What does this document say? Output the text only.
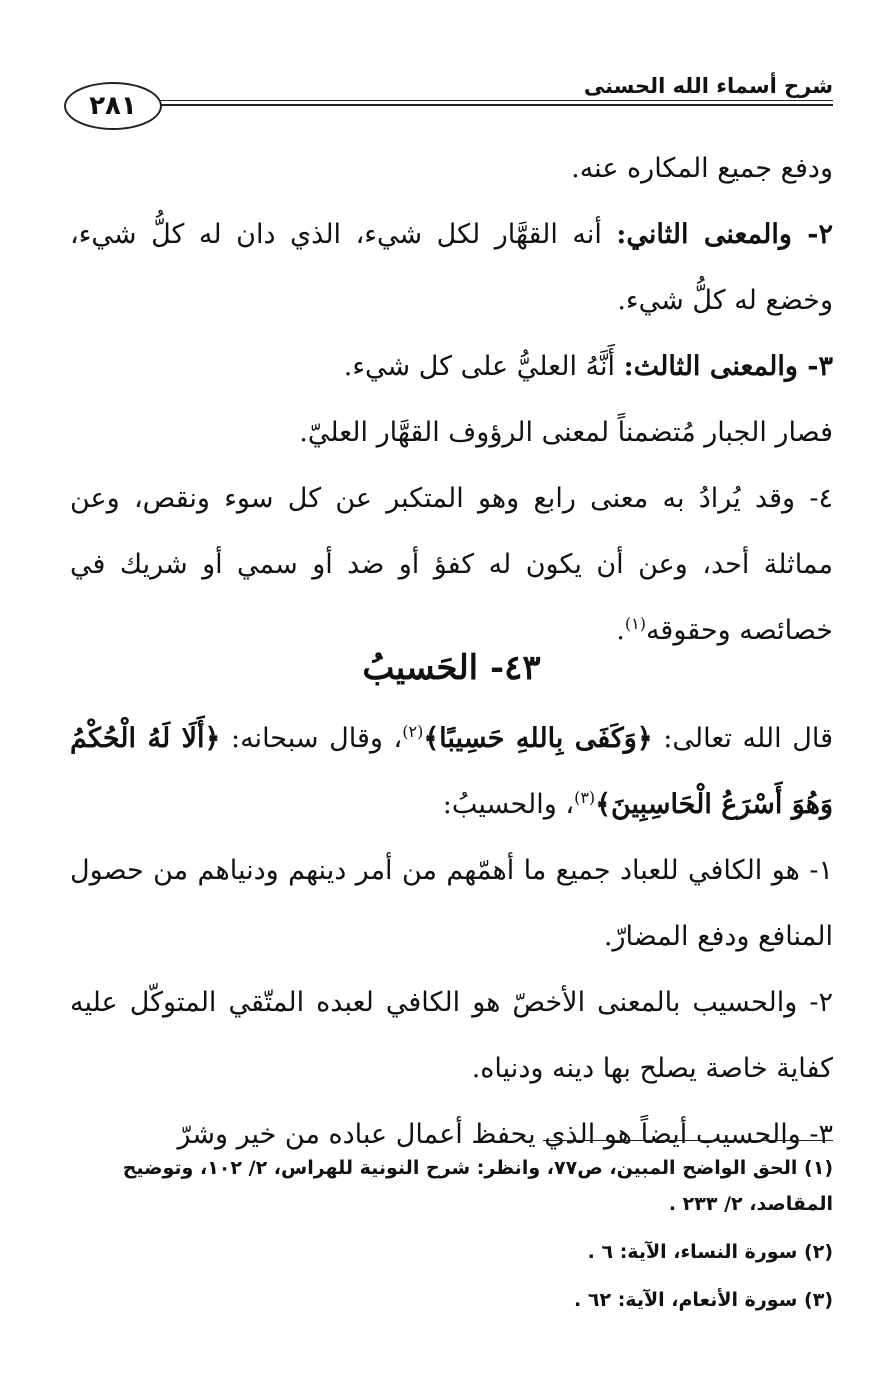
شرح أسماء الله الحسنى
٢٨١

ودفع جميع المكاره عنه.

٢- والمعنى الثاني: أنه القهَّار لكل شيء، الذي دان له كلُّ شيء، وخضع له كلُّ شيء.

٣- والمعنى الثالث: أَنَّهُ العليُّ على كل شيء.

فصار الجبار مُتضمناً لمعنى الرؤوف القهَّار العليّ.

٤- وقد يُرادُ به معنى رابع وهو المتكبر عن كل سوء ونقص، وعن مماثلة أحد، وعن أن يكون له كفؤ أو ضد أو سمي أو شريك في خصائصه وحقوقه$^{(١)}$.

٤٣- الحَسيبُ

قال الله تعالى: ﴿وَكَفَى بِاللهِ حَسِيبًا﴾$^{(٢)}$، وقال سبحانه: ﴿أَلَا لَهُ الْحُكْمُ وَهُوَ أَسْرَعُ الْحَاسِبِينَ﴾$^{(٣)}$، والحسيبُ:

١- هو الكافي للعباد جميع ما أهمّهم من أمر دينهم ودنياهم من حصول المنافع ودفع المضارّ.

٢- والحسيب بالمعنى الأخصّ هو الكافي لعبده المتّقي المتوكّل عليه كفاية خاصة يصلح بها دينه ودنياه.

٣- والحسيب أيضاً هو الذي يحفظ أعمال عباده من خير وشرّ

(١) الحق الواضح المبين، ص٧٧، وانظر: شرح النونية للهراس، ٢/ ١٠٢، وتوضيح المقاصد، ٢/ ٢٣٣ .

(٢) سورة النساء، الآية: ٦ .

(٣) سورة الأنعام، الآية: ٦٢ .
